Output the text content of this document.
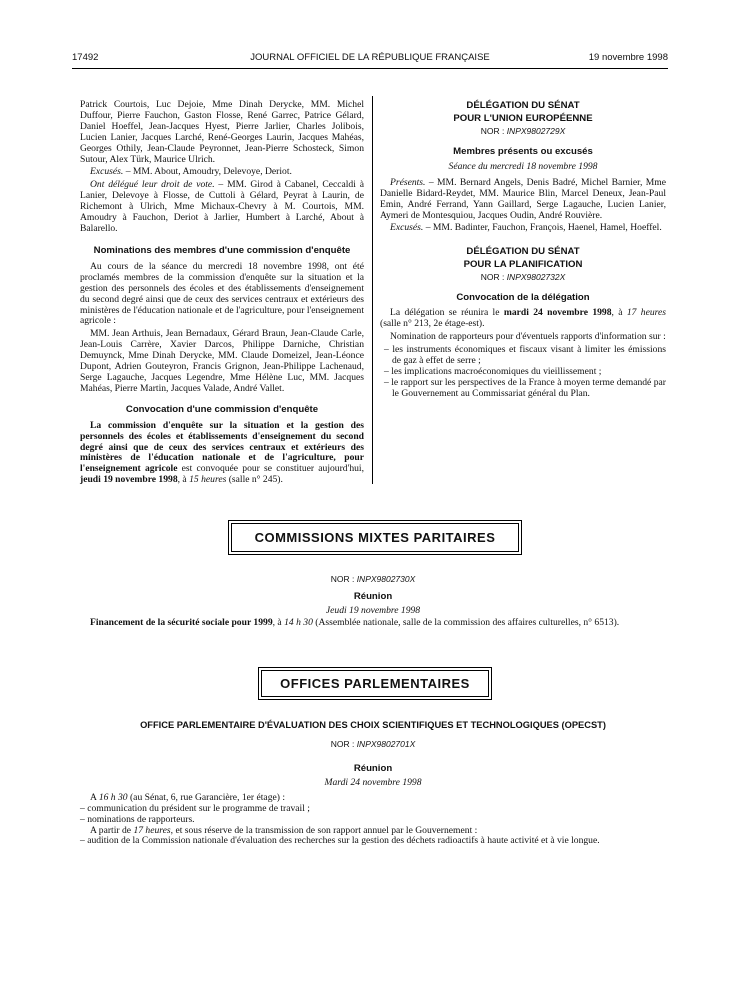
17492	JOURNAL OFFICIEL DE LA RÉPUBLIQUE FRANÇAISE	19 novembre 1998

Patrick Courtois, Luc Dejoie, Mme Dinah Derycke, MM. Michel Duffour, Pierre Fauchon, Gaston Flosse, René Garrec, Patrice Gélard, Daniel Hoeffel, Jean-Jacques Hyest, Pierre Jarlier, Charles Jolibois, Lucien Lanier, Jacques Larché, René-Georges Laurin, Jacques Mahéas, Georges Othily, Jean-Claude Peyronnet, Jean-Pierre Schosteck, Simon Sutour, Alex Türk, Maurice Ulrich.

Excusés. – MM. About, Amoudry, Delevoye, Deriot.

Ont délégué leur droit de vote. – MM. Girod à Cabanel, Ceccaldi à Lanier, Delevoye à Flosse, de Cuttoli à Gélard, Peyrat à Laurin, de Richemont à Ulrich, Mme Michaux-Chevry à M. Courtois, MM. Amoudry à Fauchon, Deriot à Jarlier, Humbert à Larché, About à Balarello.

Nominations des membres d'une commission d'enquête

Au cours de la séance du mercredi 18 novembre 1998, ont été proclamés membres de la commission d'enquête sur la situation et la gestion des personnels des écoles et des établissements d'enseignement du second degré ainsi que de ceux des services centraux et extérieurs des ministères de l'éducation nationale et de l'agriculture, pour l'enseignement agricole :

MM. Jean Arthuis, Jean Bernadaux, Gérard Braun, Jean-Claude Carle, Jean-Louis Carrère, Xavier Darcos, Philippe Darniche, Christian Demuynck, Mme Dinah Derycke, MM. Claude Domeizel, Jean-Léonce Dupont, Adrien Gouteyron, Francis Grignon, Jean-Philippe Lachenaud, Serge Lagauche, Jacques Legendre, Mme Hélène Luc, MM. Jacques Mahéas, Pierre Martin, Jacques Valade, André Vallet.

Convocation d'une commission d'enquête

La commission d'enquête sur la situation et la gestion des personnels des écoles et établissements d'enseignement du second degré ainsi que de ceux des services centraux et extérieurs des ministères de l'éducation nationale et de l'agriculture, pour l'enseignement agricole est convoquée pour se constituer aujourd'hui, jeudi 19 novembre 1998, à 15 heures (salle n° 245).

DÉLÉGATION DU SÉNAT

POUR L'UNION EUROPÉENNE

NOR : INPX9802729X

Membres présents ou excusés

Séance du mercredi 18 novembre 1998

Présents. – MM. Bernard Angels, Denis Badré, Michel Barnier, Mme Danielle Bidard-Reydet, MM. Maurice Blin, Marcel Deneux, Jean-Paul Emin, André Ferrand, Yann Gaillard, Serge Lagauche, Lucien Lanier, Aymeri de Montesquiou, Jacques Oudin, André Rouvière.

Excusés. – MM. Badinter, Fauchon, François, Haenel, Hamel, Hoeffel.

DÉLÉGATION DU SÉNAT

POUR LA PLANIFICATION

NOR : INPX9802732X

Convocation de la délégation

La délégation se réunira le mardi 24 novembre 1998, à 17 heures (salle n° 213, 2e étage-est).

Nomination de rapporteurs pour d'éventuels rapports d'information sur :

– les instruments économiques et fiscaux visant à limiter les émissions de gaz à effet de serre ;
– les implications macroéconomiques du vieillissement ;
– le rapport sur les perspectives de la France à moyen terme demandé par le Gouvernement au Commissariat général du Plan.
COMMISSIONS MIXTES PARITAIRES

NOR : INPX9802730X

Réunion

Jeudi 19 novembre 1998

Financement de la sécurité sociale pour 1999, à 14 h 30 (Assemblée nationale, salle de la commission des affaires culturelles, n° 6513).

OFFICES PARLEMENTAIRES

OFFICE PARLEMENTAIRE D'ÉVALUATION DES CHOIX SCIENTIFIQUES ET TECHNOLOGIQUES (OPECST)

NOR : INPX9802701X

Réunion

Mardi 24 novembre 1998

A 16 h 30 (au Sénat, 6, rue Garancière, 1er étage) :

– communication du président sur le programme de travail ;
– nominations de rapporteurs.

A partir de 17 heures, et sous réserve de la transmission de son rapport annuel par le Gouvernement :

– audition de la Commission nationale d'évaluation des recherches sur la gestion des déchets radioactifs à haute activité et à vie longue.
